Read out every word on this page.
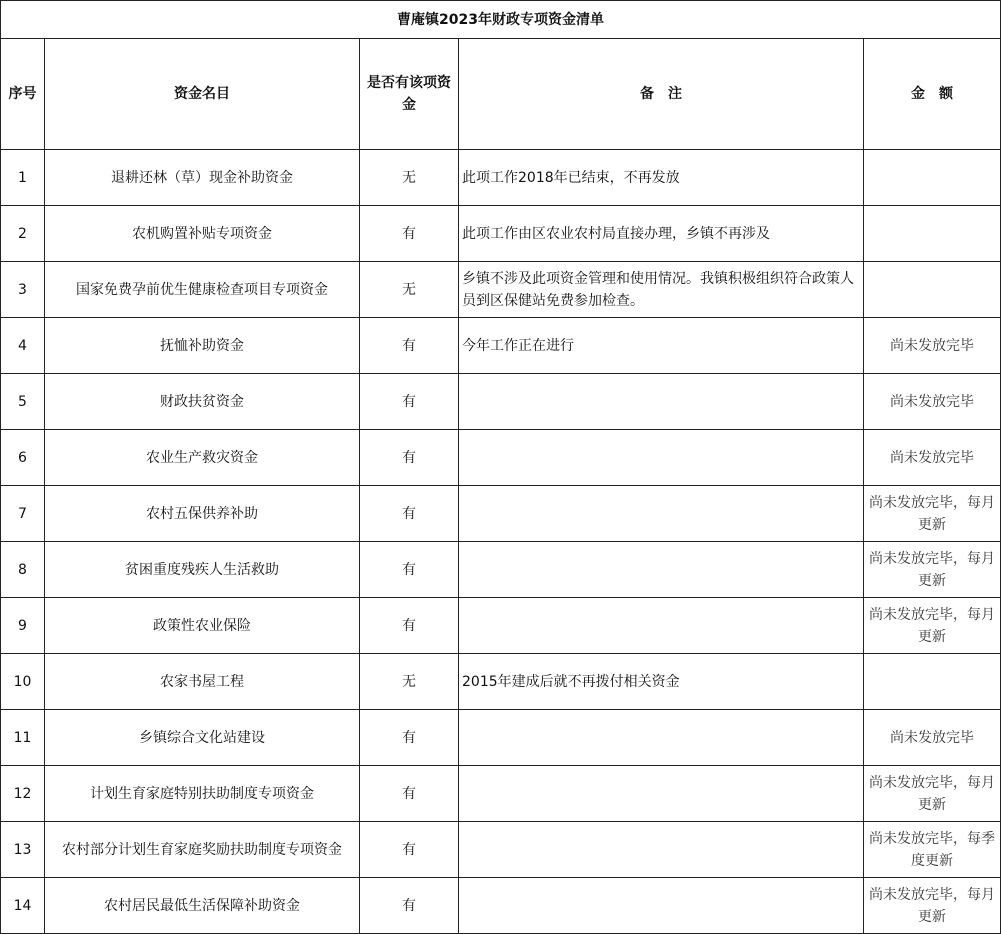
曹庵镇2023年财政专项资金清单				
序号	资金名目	是否有该项资金	备　注	金　额
1	退耕还林（草）现金补助资金	无	此项工作2018年已结束，不再发放	
2	农机购置补贴专项资金	有	此项工作由区农业农村局直接办理，乡镇不再涉及	
3	国家免费孕前优生健康检查项目专项资金	无	乡镇不涉及此项资金管理和使用情况。我镇积极组织符合政策人员到区保健站免费参加检查。	
4	抚恤补助资金	有	今年工作正在进行	尚未发放完毕
5	财政扶贫资金	有		尚未发放完毕
6	农业生产救灾资金	有		尚未发放完毕
7	农村五保供养补助	有		尚未发放完毕，每月更新
8	贫困重度残疾人生活救助	有		尚未发放完毕，每月更新
9	政策性农业保险	有		尚未发放完毕，每月更新
10	农家书屋工程	无	2015年建成后就不再拨付相关资金	
11	乡镇综合文化站建设	有		尚未发放完毕
12	计划生育家庭特别扶助制度专项资金	有		尚未发放完毕，每月更新
13	农村部分计划生育家庭奖励扶助制度专项资金	有		尚未发放完毕，每季度更新
14	农村居民最低生活保障补助资金	有		尚未发放完毕，每月更新
